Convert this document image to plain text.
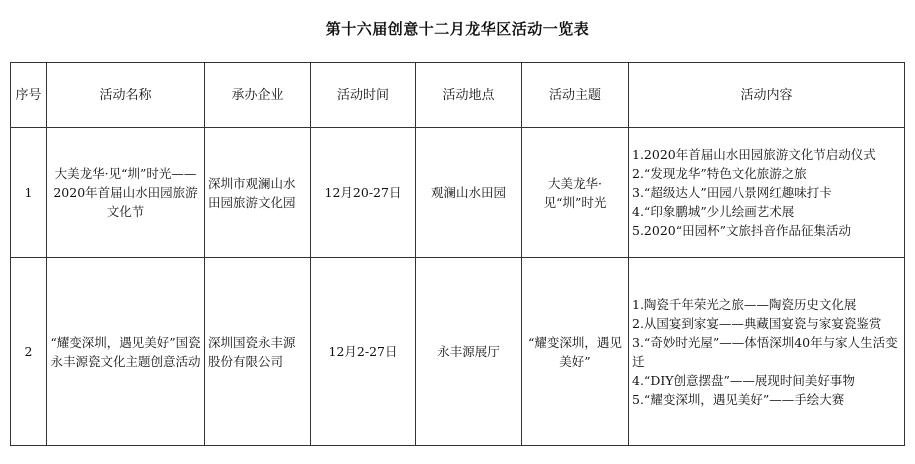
第十六届创意十二月龙华区活动一览表
序号	活动名称	承办企业	活动时间	活动地点	活动主题	活动内容
1	大美龙华·见“圳”时光——2020年首届山水田园旅游文化节	深圳市观澜山水田园旅游文化园	12月20-27日	观澜山水田园	大美龙华·见“圳”时光	1.2020年首届山水田园旅游文化节启动仪式
2.“发现龙华”特色文化旅游之旅
3.“超级达人”田园八景网红趣味打卡
4.“印象鹏城”少儿绘画艺术展
5.2020“田园杯”文旅抖音作品征集活动

2	“耀变深圳，遇见美好”国瓷永丰源瓷文化主题创意活动	深圳国瓷永丰源股份有限公司	12月2-27日	永丰源展厅	“耀变深圳，遇见美好”	1.陶瓷千年荣光之旅——陶瓷历史文化展
2.从国宴到家宴——典藏国宴瓷与家宴瓷鉴赏
3.“奇妙时光屋”——体悟深圳40年与家人生活变迁
4.“DIY创意摆盘”——展现时间美好事物
5.“耀变深圳，遇见美好”——手绘大赛
